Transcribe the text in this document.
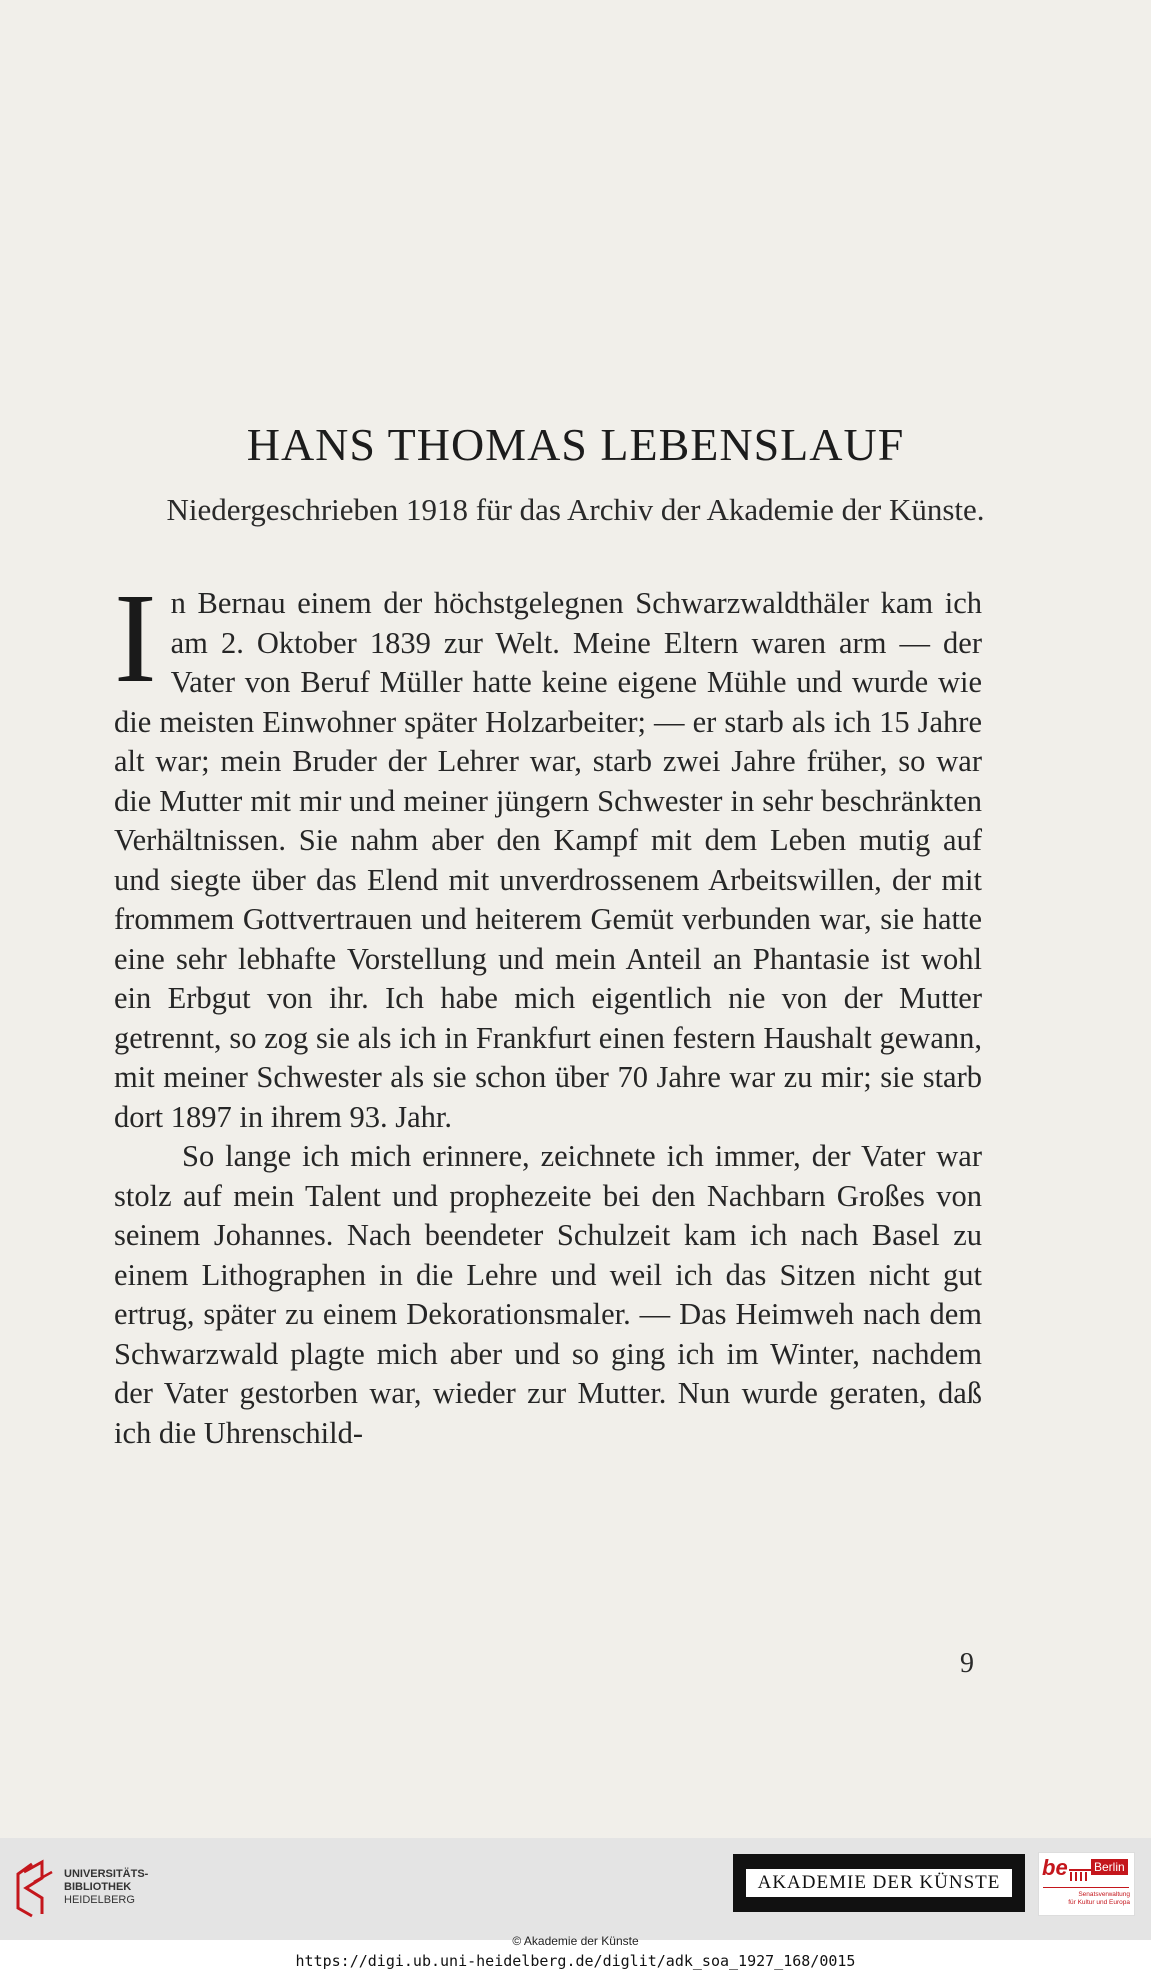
HANS THOMAS LEBENSLAUF
Niedergeschrieben 1918 für das Archiv der Akademie der Künste.

In Bernau einem der höchstgelegnen Schwarzwaldthäler kam ich am 2. Oktober 1839 zur Welt. Meine Eltern waren arm — der Vater von Beruf Müller hatte keine eigene Mühle und wurde wie die meisten Einwohner später Holzarbeiter; — er starb als ich 15 Jahre alt war; mein Bruder der Lehrer war, starb zwei Jahre früher, so war die Mutter mit mir und meiner jüngern Schwester in sehr beschränkten Verhältnissen. Sie nahm aber den Kampf mit dem Leben mutig auf und siegte über das Elend mit unverdrossenem Arbeitswillen, der mit frommem Gottvertrauen und heiterem Gemüt verbunden war, sie hatte eine sehr lebhafte Vorstellung und mein Anteil an Phantasie ist wohl ein Erbgut von ihr. Ich habe mich eigentlich nie von der Mutter getrennt, so zog sie als ich in Frankfurt einen festern Haushalt gewann, mit meiner Schwester als sie schon über 70 Jahre war zu mir; sie starb dort 1897 in ihrem 93. Jahr.

So lange ich mich erinnere, zeichnete ich immer, der Vater war stolz auf mein Talent und prophezeite bei den Nachbarn Großes von seinem Johannes. Nach beendeter Schulzeit kam ich nach Basel zu einem Lithographen in die Lehre und weil ich das Sitzen nicht gut ertrug, später zu einem Dekorationsmaler. — Das Heimweh nach dem Schwarzwald plagte mich aber und so ging ich im Winter, nachdem der Vater gestorben war, wieder zur Mutter. Nun wurde geraten, daß ich die Uhrenschild-

9
UNIVERSITÄTS-
BIBLIOTHEK
HEIDELBERG
AKADEMIE DER KÜNSTE
be Berlin
Senatsverwaltung
für Kultur und Europa
© Akademie der Künste
https://digi.ub.uni-heidelberg.de/diglit/adk_soa_1927_168/0015
